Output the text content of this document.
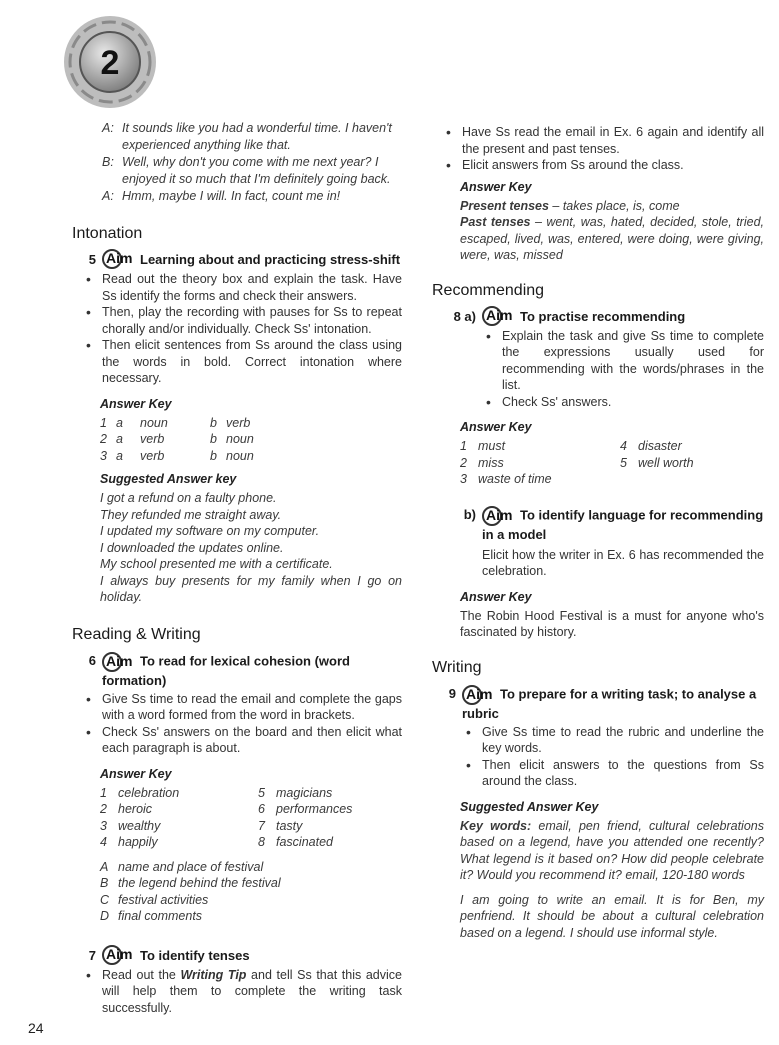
2
A: It sounds like you had a wonderful time. I haven't
experienced anything like that.
B: Well, why don't you come with me next year? I
enjoyed it so much that I'm definitely going back.
A: Hmm, maybe I will. In fact, count me in!
Intonation
5 Aim Learning about and practicing stress-shift
• Read out the theory box and explain the task. Have Ss identify the forms and check their answers.
• Then, play the recording with pauses for Ss to repeat chorally and/or individually. Check Ss' intonation.
• Then elicit sentences from Ss around the class using the words in bold. Correct intonation where necessary.
Answer Key
1 a	noun	b verb
2 a	verb	b noun
3 a	verb	b noun
Suggested Answer key
I got a refund on a faulty phone.
They refunded me straight away.
I updated my software on my computer.
I downloaded the updates online.
My school presented me with a certificate.
I always buy presents for my family when I go on holiday.
Reading & Writing
6 Aim To read for lexical cohesion (word formation)
• Give Ss time to read the email and complete the gaps with a word formed from the word in brackets.
• Check Ss' answers on the board and then elicit what each paragraph is about.
Answer Key
1 celebration	5 magicians
2 heroic	6 performances
3 wealthy	7 tasty
4 happily	8 fascinated
A name and place of festival
B the legend behind the festival
C festival activities
D final comments
7 Aim To identify tenses
• Read out the Writing Tip and tell Ss that this advice will help them to complete the writing task successfully.
• Have Ss read the email in Ex. 6 again and identify all the present and past tenses.
• Elicit answers from Ss around the class.
Answer Key
Present tenses – takes place, is, come
Past tenses – went, was, hated, decided, stole, tried, escaped, lived, was, entered, were doing, were giving, were, was, missed
Recommending
8 a) Aim To practise recommending
• Explain the task and give Ss time to complete the expressions usually used for recommending with the words/phrases in the list.
• Check Ss' answers.
Answer Key
1 must	4 disaster
2 miss	5 well worth
3 waste of time
b) Aim To identify language for recommending in a model
Elicit how the writer in Ex. 6 has recommended the celebration.
Answer Key
The Robin Hood Festival is a must for anyone who's fascinated by history.
Writing
9 Aim To prepare for a writing task; to analyse a rubric
• Give Ss time to read the rubric and underline the key words.
• Then elicit answers to the questions from Ss around the class.
Suggested Answer Key
Key words: email, pen friend, cultural celebrations based on a legend, have you attended one recently? What legend is it based on? How did people celebrate it? Would you recommend it? email, 120-180 words
I am going to write an email. It is for Ben, my penfriend. It should be about a cultural celebration based on a legend. I should use informal style.
24
